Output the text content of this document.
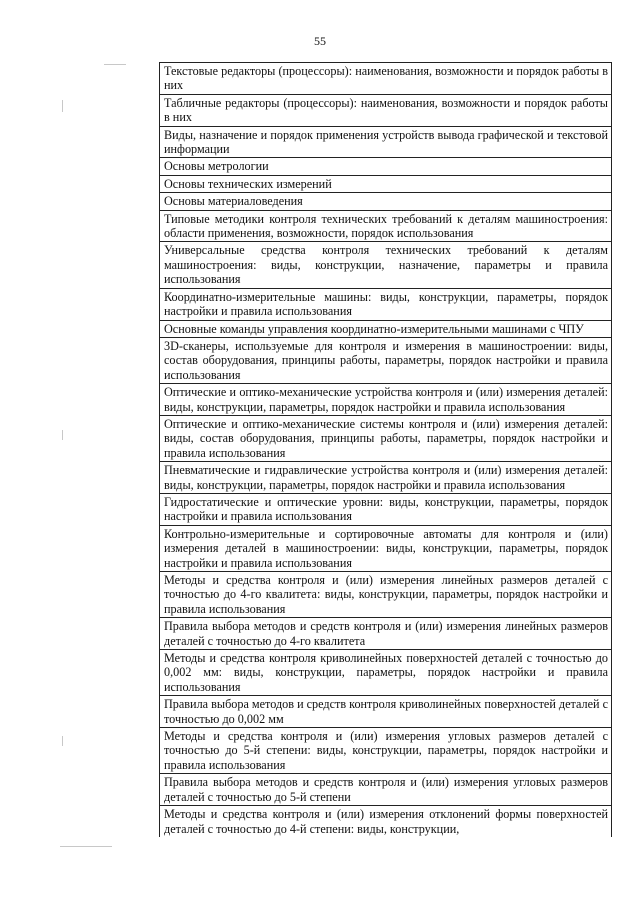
55
Текстовые редакторы (процессоры): наименования, возможности и порядок работы в них
Табличные редакторы (процессоры): наименования, возможности и порядок работы в них
Виды, назначение и порядок применения устройств вывода графической и текстовой информации
Основы метрологии
Основы технических измерений
Основы материаловедения
Типовые методики контроля технических требований к деталям машиностроения: области применения, возможности, порядок использования
Универсальные средства контроля технических требований к деталям машиностроения: виды, конструкции, назначение, параметры и правила использования
Координатно-измерительные машины: виды, конструкции, параметры, порядок настройки и правила использования
Основные команды управления координатно-измерительными машинами с ЧПУ
3D-сканеры, используемые для контроля и измерения в машиностроении: виды, состав оборудования, принципы работы, параметры, порядок настройки и правила использования
Оптические и оптико-механические устройства контроля и (или) измерения деталей: виды, конструкции, параметры, порядок настройки и правила использования
Оптические и оптико-механические системы контроля и (или) измерения деталей: виды, состав оборудования, принципы работы, параметры, порядок настройки и правила использования
Пневматические и гидравлические устройства контроля и (или) измерения деталей: виды, конструкции, параметры, порядок настройки и правила использования
Гидростатические и оптические уровни: виды, конструкции, параметры, порядок настройки и правила использования
Контрольно-измерительные и сортировочные автоматы для контроля и (или) измерения деталей в машиностроении: виды, конструкции, параметры, порядок настройки и правила использования
Методы и средства контроля и (или) измерения линейных размеров деталей с точностью до 4-го квалитета: виды, конструкции, параметры, порядок настройки и правила использования
Правила выбора методов и средств контроля и (или) измерения линейных размеров деталей с точностью до 4-го квалитета
Методы и средства контроля криволинейных поверхностей деталей с точностью до 0,002 мм: виды, конструкции, параметры, порядок настройки и правила использования
Правила выбора методов и средств контроля криволинейных поверхностей деталей с точностью до 0,002 мм
Методы и средства контроля и (или) измерения угловых размеров деталей с точностью до 5-й степени: виды, конструкции, параметры, порядок настройки и правила использования
Правила выбора методов и средств контроля и (или) измерения угловых размеров деталей с точностью до 5-й степени
Методы и средства контроля и (или) измерения отклонений формы поверхностей деталей с точностью до 4-й степени: виды, конструкции,
